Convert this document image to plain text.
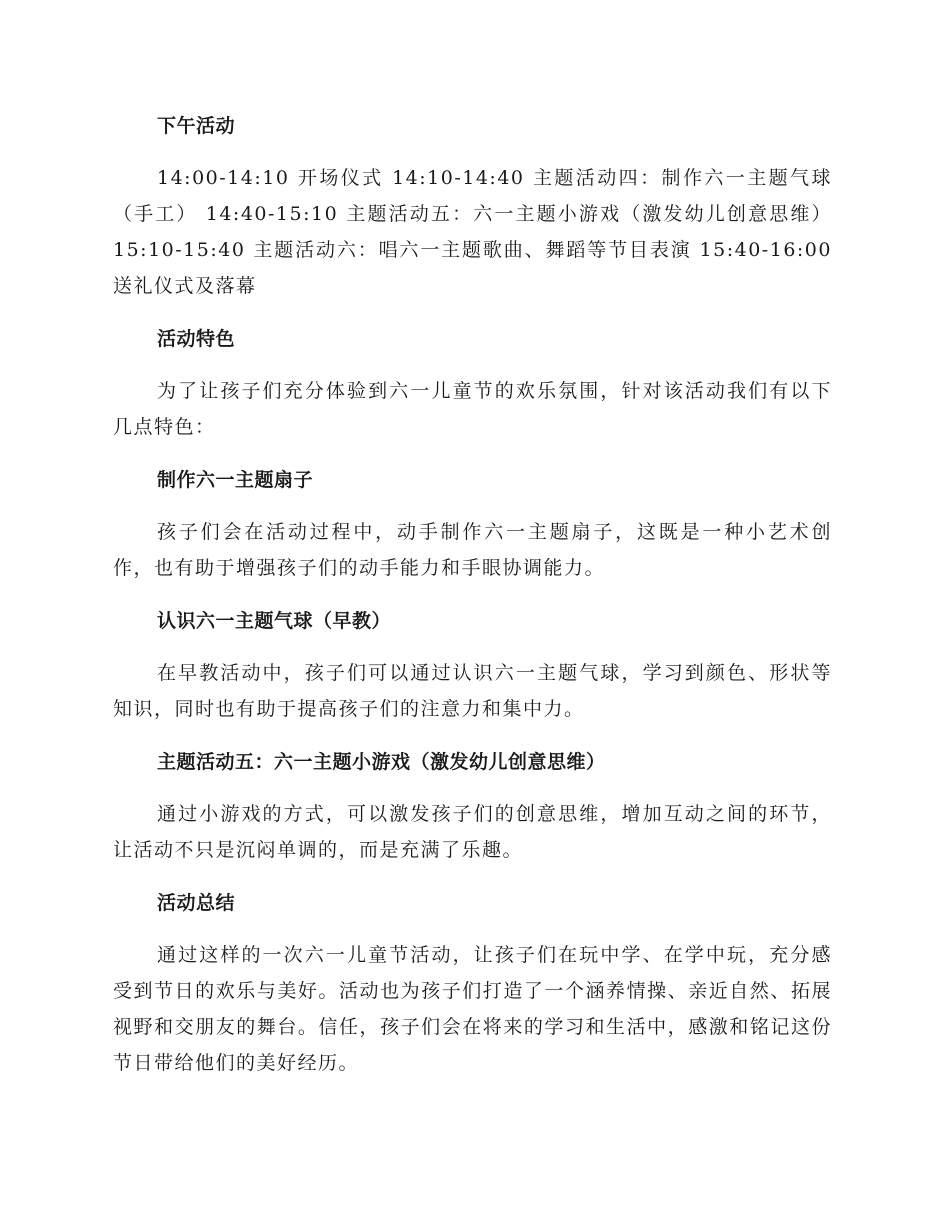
下午活动

14:00-14:10 开场仪式 14:10-14:40 主题活动四：制作六一主题气球（手工） 14:40-15:10 主题活动五：六一主题小游戏（激发幼儿创意思维） 15:10-15:40 主题活动六：唱六一主题歌曲、舞蹈等节目表演 15:40-16:00 送礼仪式及落幕

活动特色

为了让孩子们充分体验到六一儿童节的欢乐氛围，针对该活动我们有以下几点特色：

制作六一主题扇子

孩子们会在活动过程中，动手制作六一主题扇子，这既是一种小艺术创作，也有助于增强孩子们的动手能力和手眼协调能力。

认识六一主题气球（早教）

在早教活动中，孩子们可以通过认识六一主题气球，学习到颜色、形状等知识，同时也有助于提高孩子们的注意力和集中力。

主题活动五：六一主题小游戏（激发幼儿创意思维）

通过小游戏的方式，可以激发孩子们的创意思维，增加互动之间的环节，让活动不只是沉闷单调的，而是充满了乐趣。

活动总结

通过这样的一次六一儿童节活动，让孩子们在玩中学、在学中玩，充分感受到节日的欢乐与美好。活动也为孩子们打造了一个涵养情操、亲近自然、拓展视野和交朋友的舞台。信任，孩子们会在将来的学习和生活中，感激和铭记这份节日带给他们的美好经历。
